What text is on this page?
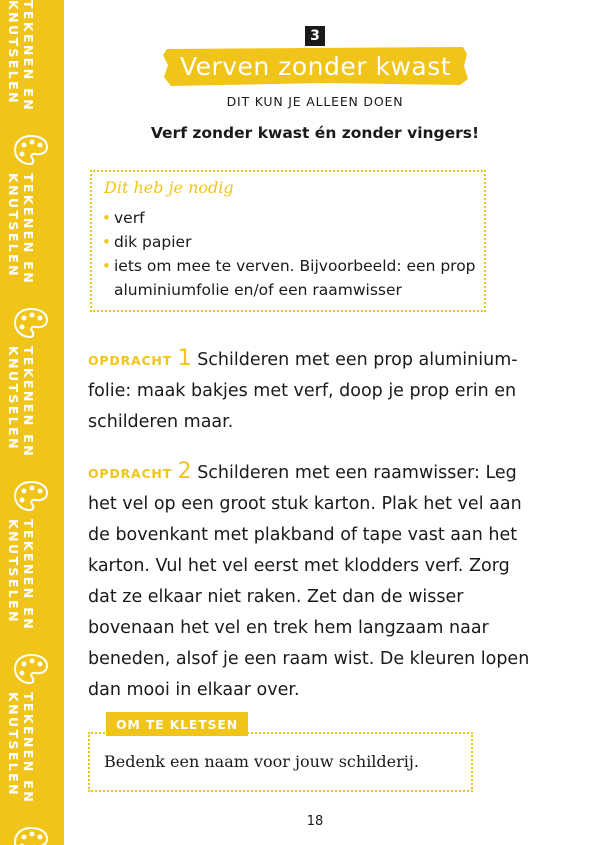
TEKENEN EN
KNUTSELEN
TEKENEN EN
KNUTSELEN
TEKENEN EN
KNUTSELEN
TEKENEN EN
KNUTSELEN
TEKENEN EN
KNUTSELEN
3
Verven zonder kwast
DIT KUN JE ALLEEN DOEN
Verf zonder kwast én zonder vingers!
Dit heb je nodig
• verf
• dik papier
• iets om mee te verven. Bijvoorbeeld: een prop aluminiumfolie en/of een raamwisser
OPDRACHT 1 Schilderen met een prop aluminium-folie: maak bakjes met verf, doop je prop erin en schilderen maar.
OPDRACHT 2 Schilderen met een raamwisser: Leg het vel op een groot stuk karton. Plak het vel aan de bovenkant met plakband of tape vast aan het karton. Vul het vel eerst met klodders verf. Zorg dat ze elkaar niet raken. Zet dan de wisser bovenaan het vel en trek hem langzaam naar beneden, alsof je een raam wist. De kleuren lopen dan mooi in elkaar over.
OM TE KLETSEN
Bedenk een naam voor jouw schilderij.
18
